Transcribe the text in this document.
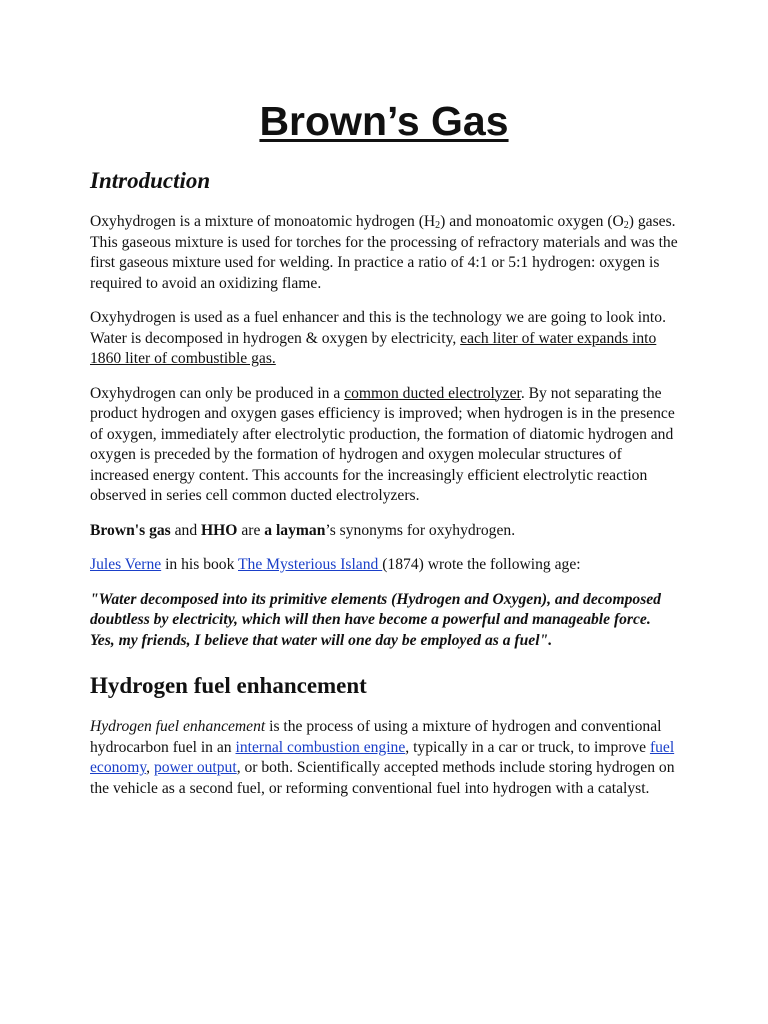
Brown’s Gas
Introduction

Oxyhydrogen is a mixture of monoatomic hydrogen $(H_2)$ and monoatomic oxygen $(O_2)$ gases. This gaseous mixture is used for torches for the processing of refractory materials and was the first gaseous mixture used for welding. In practice a ratio of 4:1 or 5:1 hydrogen: oxygen is required to avoid an oxidizing flame.

Oxyhydrogen is used as a fuel enhancer and this is the technology we are going to look into. Water is decomposed in hydrogen & oxygen by electricity, each liter of water expands into 1860 liter of combustible gas.

Oxyhydrogen can only be produced in a common ducted electrolyzer. By not separating the product hydrogen and oxygen gases efficiency is improved; when hydrogen is in the presence of oxygen, immediately after electrolytic production, the formation of diatomic hydrogen and oxygen is preceded by the formation of hydrogen and oxygen molecular structures of increased energy content. This accounts for the increasingly efficient electrolytic reaction observed in series cell common ducted electrolyzers.

Brown's gas and HHO are a layman’s synonyms for oxyhydrogen.

Jules Verne in his book The Mysterious Island (1874) wrote the following age:

"Water decomposed into its primitive elements (Hydrogen and Oxygen), and decomposed doubtless by electricity, which will then have become a powerful and manageable force. Yes, my friends, I believe that water will one day be employed as a fuel".

Hydrogen fuel enhancement

Hydrogen fuel enhancement is the process of using a mixture of hydrogen and conventional hydrocarbon fuel in an internal combustion engine, typically in a car or truck, to improve fuel economy, power output, or both. Scientifically accepted methods include storing hydrogen on the vehicle as a second fuel, or reforming conventional fuel into hydrogen with a catalyst.
